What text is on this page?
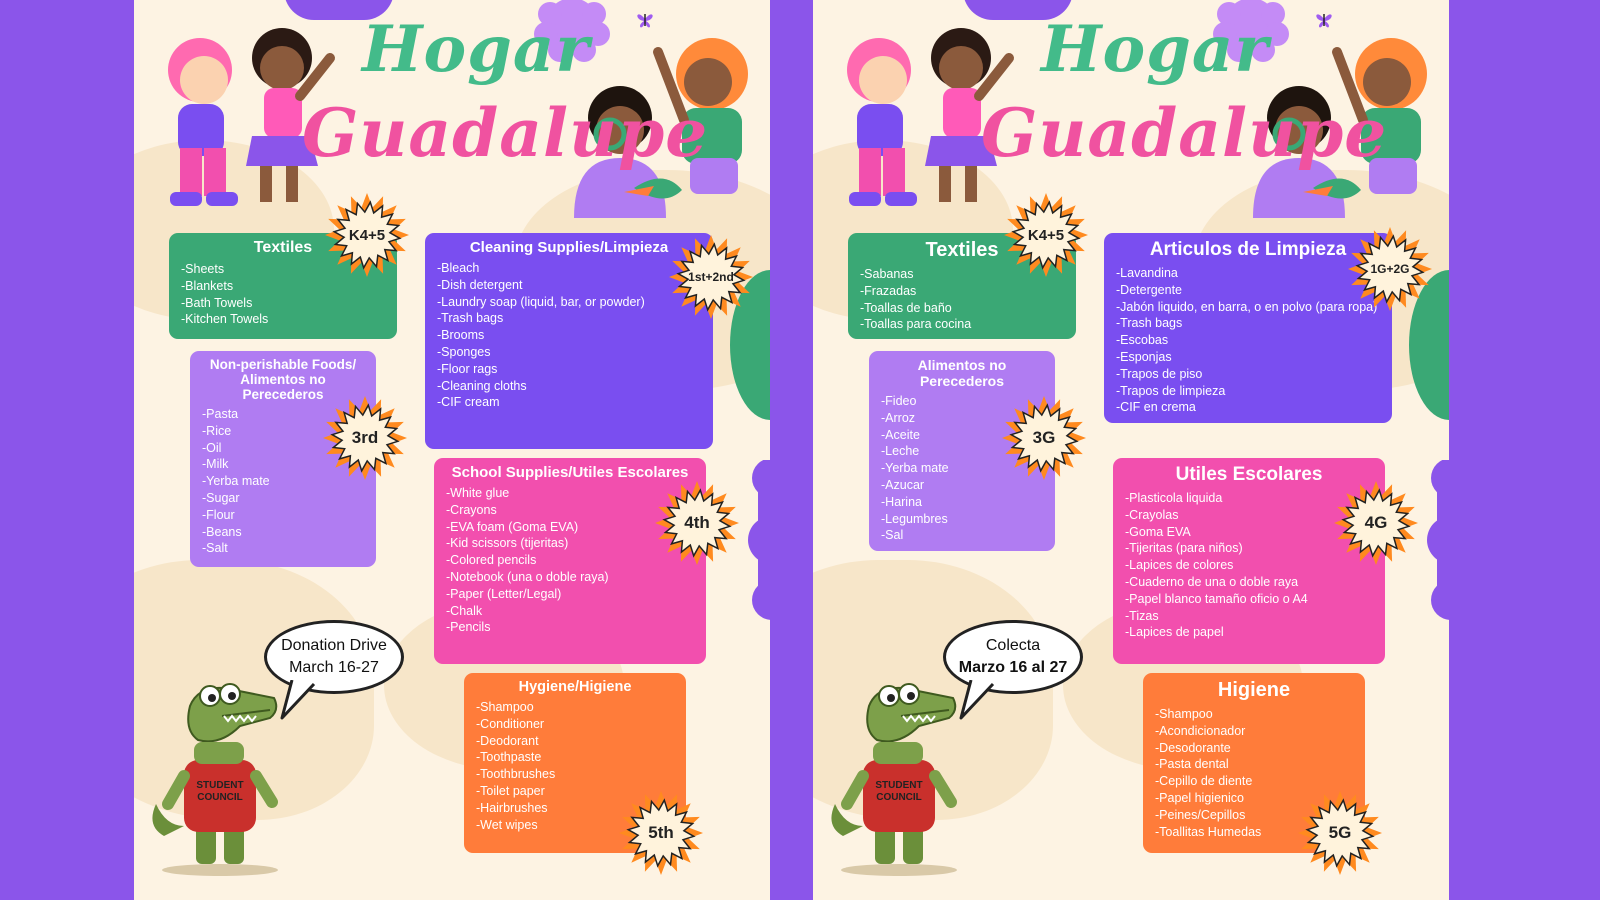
Hogar
Guadalupe
Textiles
-Sheets
-Blankets
-Bath Towels
-Kitchen Towels
Non-perishable Foods/ Alimentos no Perecederos
-Pasta
-Rice
-Oil
-Milk
-Yerba mate
-Sugar
-Flour
-Beans
-Salt
Cleaning Supplies/Limpieza
-Bleach
-Dish detergent
-Laundry soap (liquid, bar, or powder)
-Trash bags
-Brooms
-Sponges
-Floor rags
-Cleaning cloths
-CIF cream
School Supplies/Utiles Escolares
-White glue
-Crayons
-EVA foam (Goma EVA)
-Kid scissors (tijeritas)
-Colored pencils
-Notebook (una o doble raya)
-Paper (Letter/Legal)
-Chalk
-Pencils
Hygiene/Higiene
-Shampoo
-Conditioner
-Deodorant
-Toothpaste
-Toothbrushes
-Toilet paper
-Hairbrushes
-Wet wipes
Donation Drive
March 16-27
STUDENT
COUNCIL
K4+5
3rd
1st+2nd
4th
5th
Hogar
Guadalupe
Textiles
-Sabanas
-Frazadas
-Toallas de baño
-Toallas para cocina
Alimentos no Perecederos
-Fideo
-Arroz
-Aceite
-Leche
-Yerba mate
-Azucar
-Harina
-Legumbres
-Sal
Articulos de Limpieza
-Lavandina
-Detergente
-Jabón liquido, en barra, o en polvo (para ropa)
-Trash bags
-Escobas
-Esponjas
-Trapos de piso
-Trapos de limpieza
-CIF en crema
Utiles Escolares
-Plasticola liquida
-Crayolas
-Goma EVA
-Tijeritas (para niños)
-Lapices de colores
-Cuaderno de una o doble raya
-Papel blanco tamaño oficio o A4
-Tizas
-Lapices de papel
Higiene
-Shampoo
-Acondicionador
-Desodorante
-Pasta dental
-Cepillo de diente
-Papel higienico
-Peines/Cepillos
-Toallitas Humedas
Colecta
Marzo 16 al 27
STUDENT
COUNCIL
K4+5
3G
1G+2G
4G
5G
